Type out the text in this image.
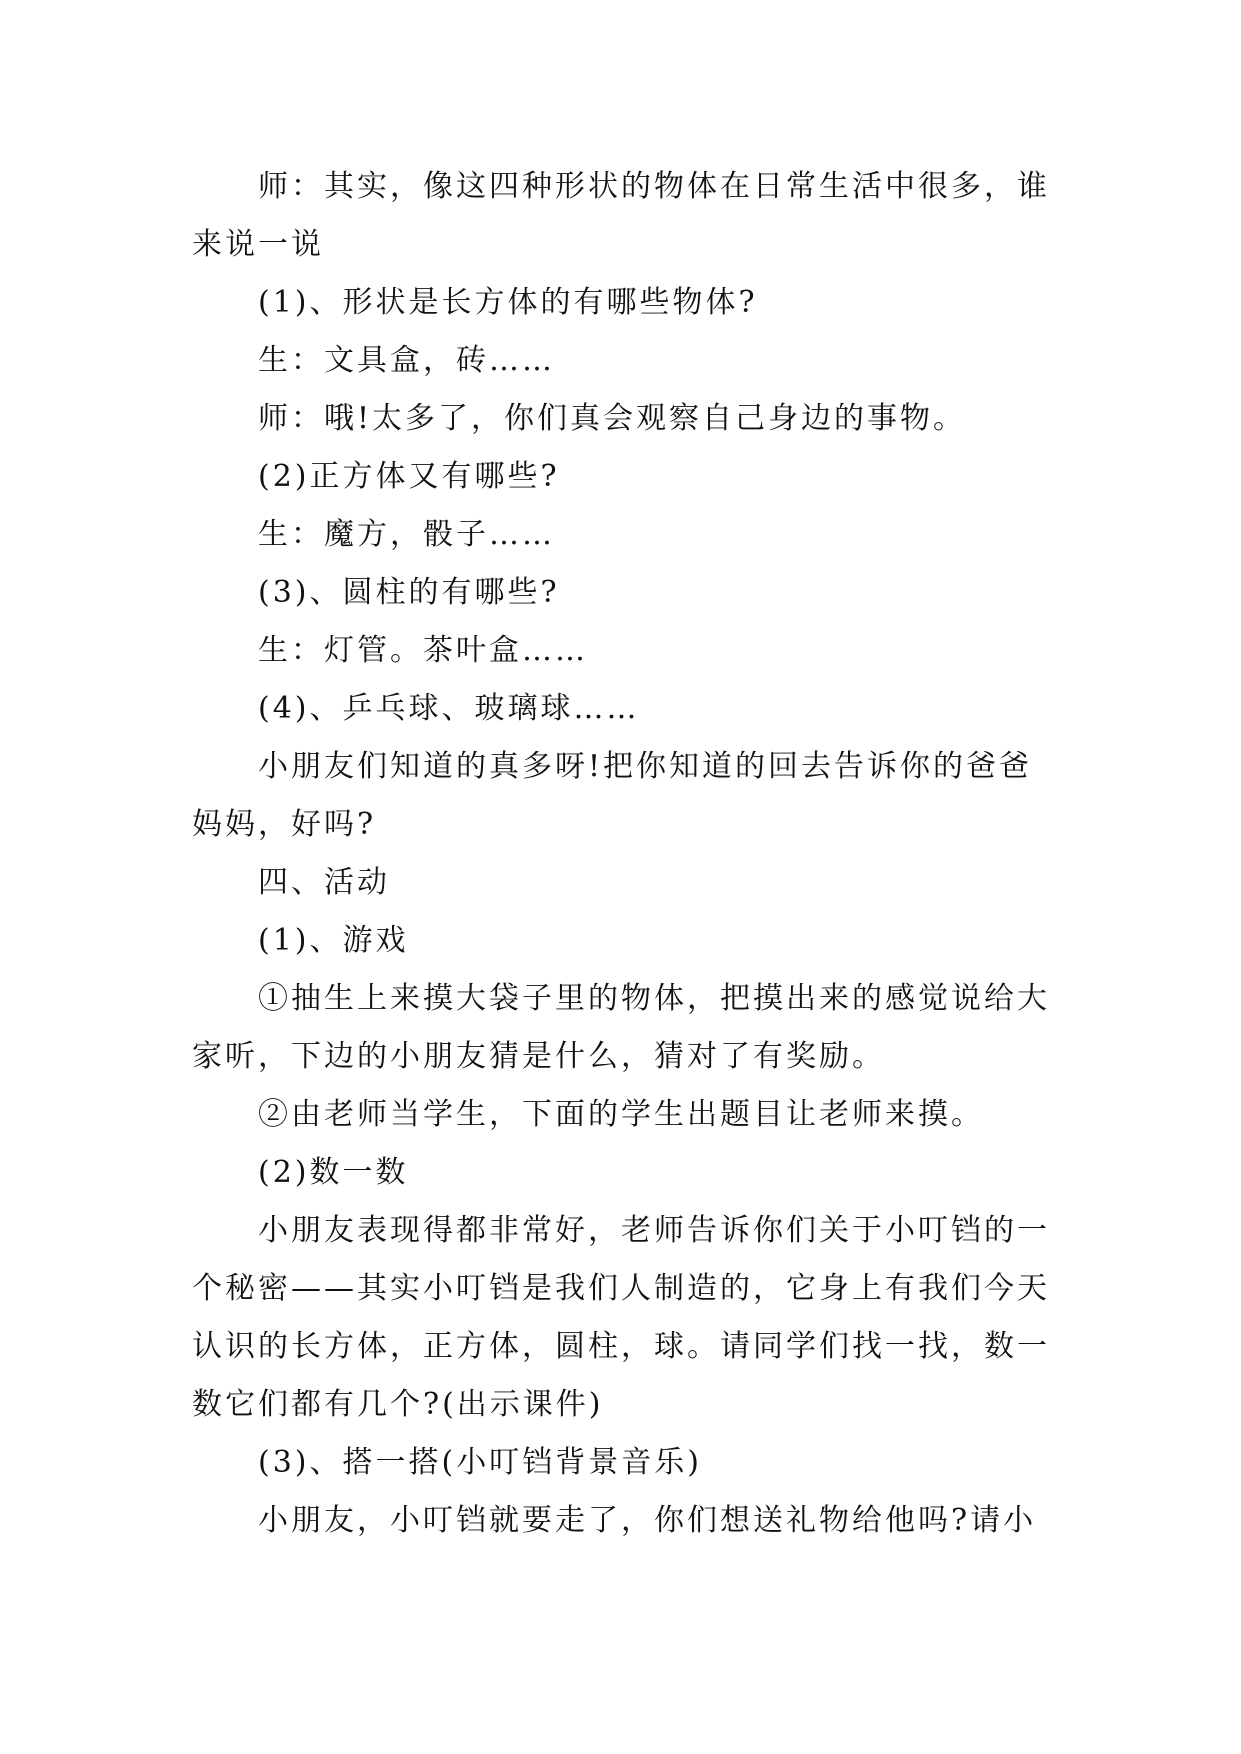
师：其实，像这四种形状的物体在日常生活中很多，谁来说一说

(1)、形状是长方体的有哪些物体?

生：文具盒，砖……

师：哦!太多了，你们真会观察自己身边的事物。

(2)正方体又有哪些?

生：魔方，骰子……

(3)、圆柱的有哪些?

生：灯管。茶叶盒……

(4)、乒乓球、玻璃球……

小朋友们知道的真多呀!把你知道的回去告诉你的爸爸妈妈，好吗?

四、活动

(1)、游戏

①抽生上来摸大袋子里的物体，把摸出来的感觉说给大家听，下边的小朋友猜是什么，猜对了有奖励。

②由老师当学生，下面的学生出题目让老师来摸。

(2)数一数

小朋友表现得都非常好，老师告诉你们关于小叮铛的一个秘密——其实小叮铛是我们人制造的，它身上有我们今天认识的长方体，正方体，圆柱，球。请同学们找一找，数一数它们都有几个?(出示课件)

(3)、搭一搭(小叮铛背景音乐)

小朋友，小叮铛就要走了，你们想送礼物给他吗?请小
